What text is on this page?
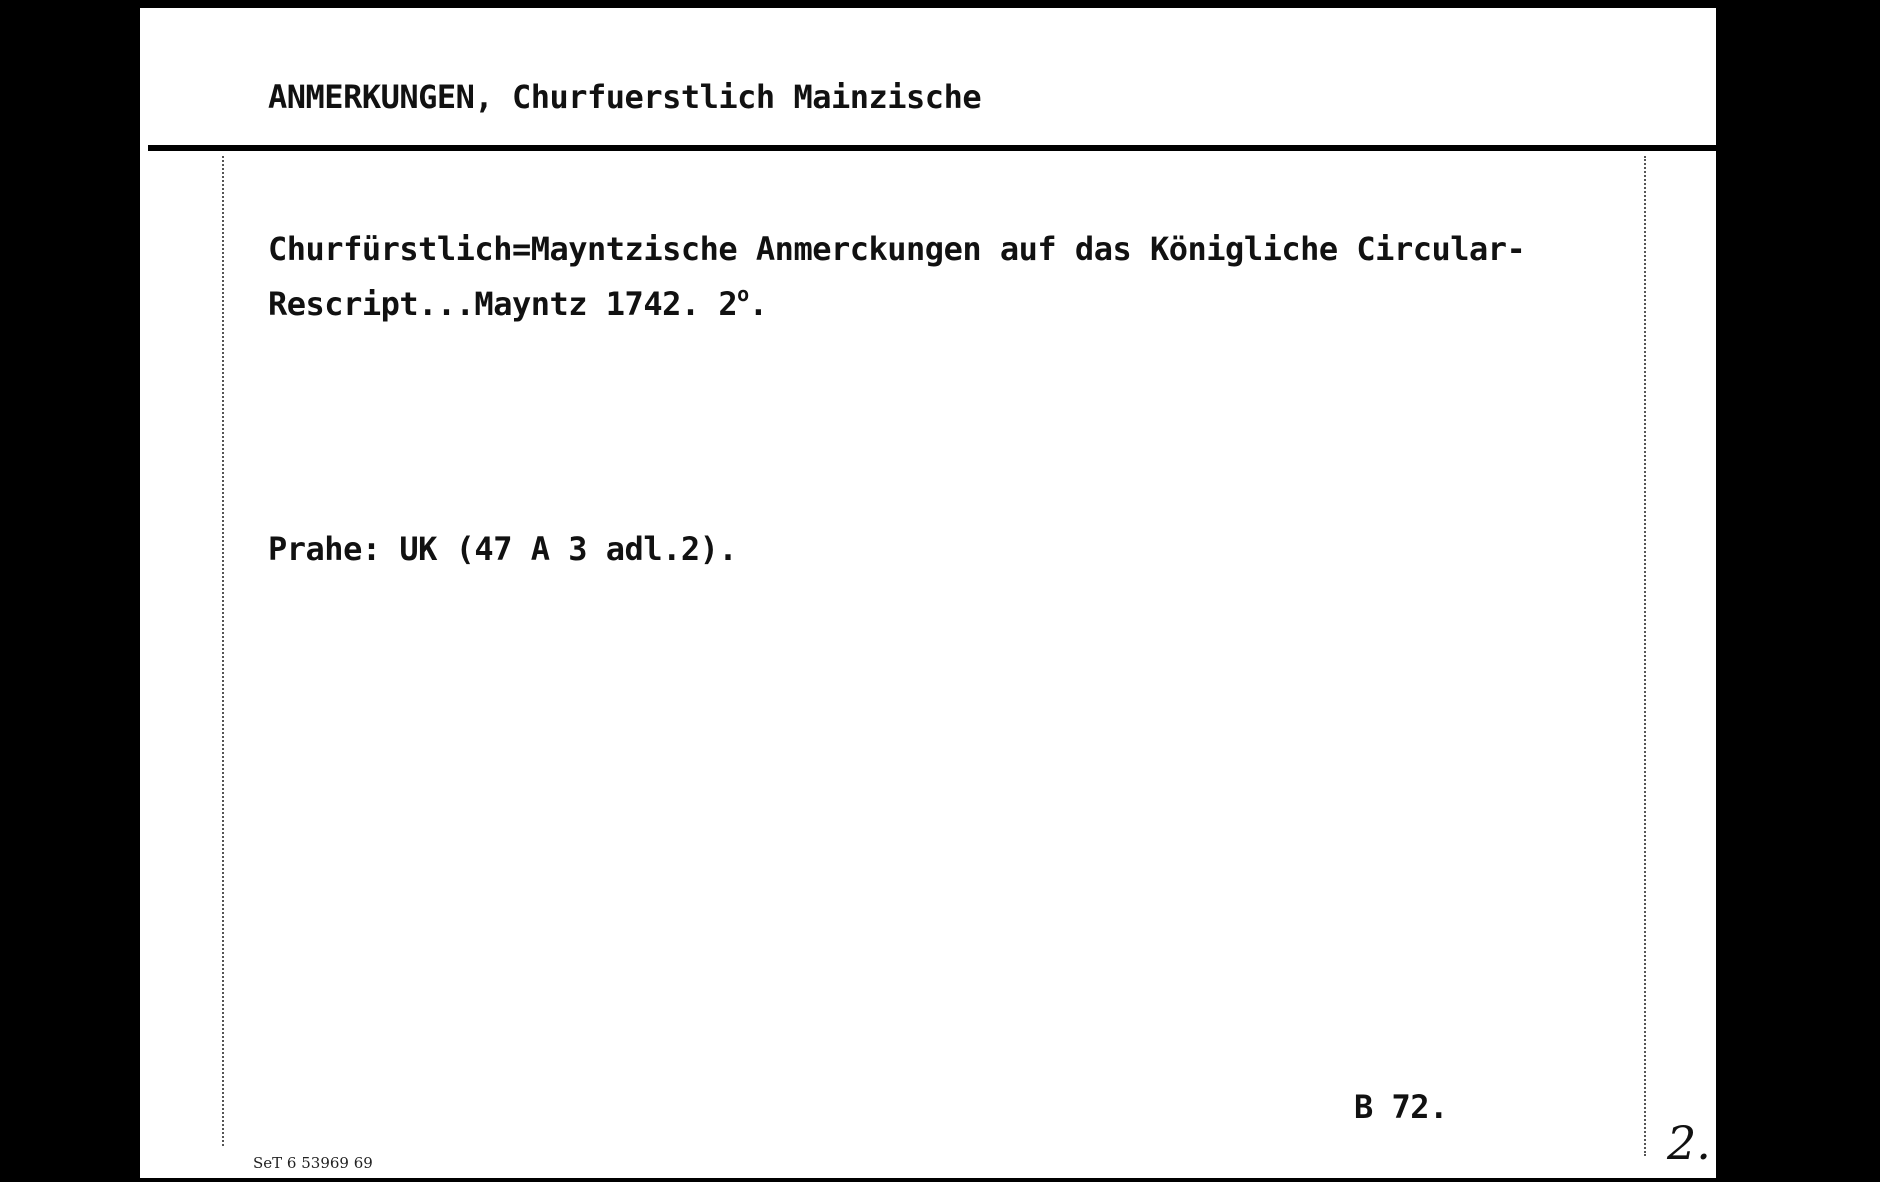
ANMERKUNGEN, Churfuerstlich Mainzische
Churfürstlich=Mayntzische Anmerckungen auf das Königliche Circular-
Rescript...Mayntz 1742. 2$^o$.
Prahe: UK (47 A 3 adl.2).
B 72.
SeT 6 53969 69	2.
